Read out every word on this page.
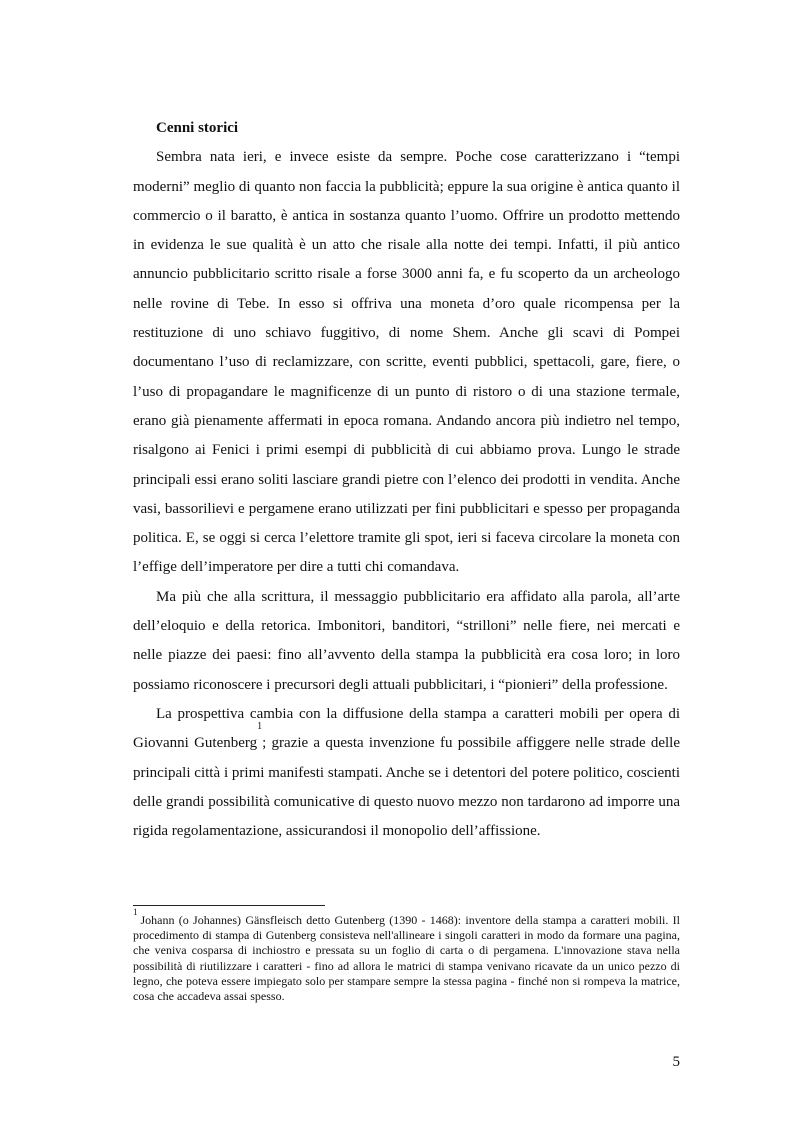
Cenni storici

Sembra nata ieri, e invece esiste da sempre. Poche cose caratterizzano i “tempi moderni” meglio di quanto non faccia la pubblicità; eppure la sua origine è antica quanto il commercio o il baratto, è antica in sostanza quanto l’uomo. Offrire un prodotto mettendo in evidenza le sue qualità è un atto che risale alla notte dei tempi. Infatti, il più antico annuncio pubblicitario scritto risale a forse 3000 anni fa, e fu scoperto da un archeologo nelle rovine di Tebe. In esso si offriva una moneta d’oro quale ricompensa per la restituzione di uno schiavo fuggitivo, di nome Shem. Anche gli scavi di Pompei documentano l’uso di reclamizzare, con scritte, eventi pubblici, spettacoli, gare, fiere, o l’uso di propagandare le magnificenze di un punto di ristoro o di una stazione termale, erano già pienamente affermati in epoca romana. Andando ancora più indietro nel tempo, risalgono ai Fenici i primi esempi di pubblicità di cui abbiamo prova. Lungo le strade principali essi erano soliti lasciare grandi pietre con l’elenco dei prodotti in vendita. Anche vasi, bassorilievi e pergamene erano utilizzati per fini pubblicitari e spesso per propaganda politica. E, se oggi si cerca l’elettore tramite gli spot, ieri si faceva circolare la moneta con l’effige dell’imperatore per dire a tutti chi comandava.

Ma più che alla scrittura, il messaggio pubblicitario era affidato alla parola, all’arte dell’eloquio e della retorica. Imbonitori, banditori, “strilloni” nelle fiere, nei mercati e nelle piazze dei paesi: fino all’avvento della stampa la pubblicità era cosa loro; in loro possiamo riconoscere i precursori degli attuali pubblicitari, i “pionieri” della professione.

La prospettiva cambia con la diffusione della stampa a caratteri mobili per opera di Giovanni Gutenberg$^1$; grazie a questa invenzione fu possibile affiggere nelle strade delle principali città i primi manifesti stampati. Anche se i detentori del potere politico, coscienti delle grandi possibilità comunicative di questo nuovo mezzo non tardarono ad imporre una rigida regolamentazione, assicurandosi il monopolio dell’affissione.

$^1$Johann (o Johannes) Gänsfleisch detto Gutenberg (1390 - 1468): inventore della stampa a caratteri mobili. Il procedimento di stampa di Gutenberg consisteva nell'allineare i singoli caratteri in modo da formare una pagina, che veniva cosparsa di inchiostro e pressata su un foglio di carta o di pergamena. L'innovazione stava nella possibilità di riutilizzare i caratteri - fino ad allora le matrici di stampa venivano ricavate da un unico pezzo di legno, che poteva essere impiegato solo per stampare sempre la stessa pagina - finché non si rompeva la matrice, cosa che accadeva assai spesso.

5
